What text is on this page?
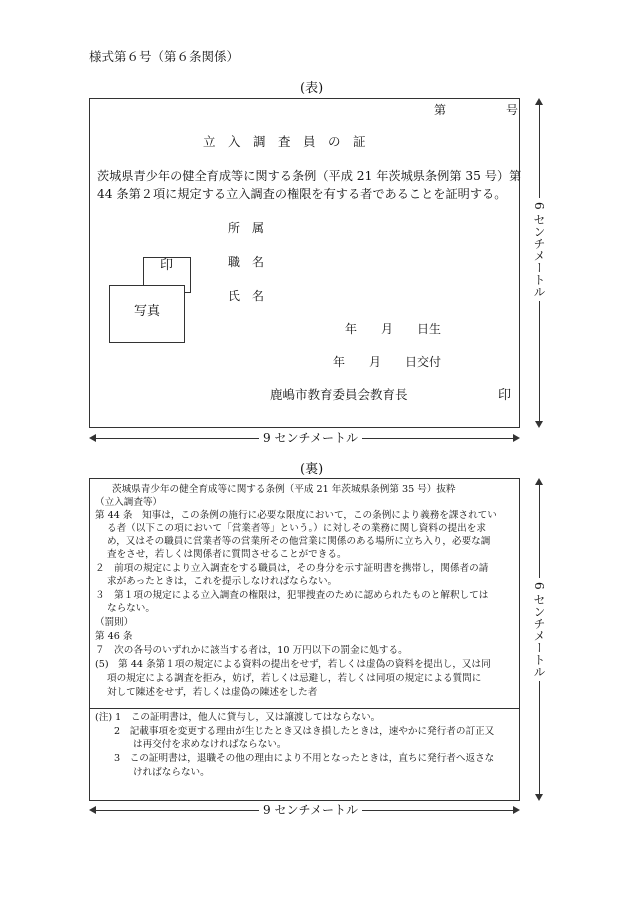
様式第６号（第６条関係）
(表)
第　　　　　号
立　入　調　査　員　の　証
茨城県青少年の健全育成等に関する条例（平成 21 年茨城県条例第 35 号）第
44 条第２項に規定する立入調査の権限を有する者であることを証明する。
所　属
職　名
氏　名
印
写真
年　　月　　日生
年　　月　　日交付
鹿嶋市教育委員会教育長	印
9 センチメートル
6 センチメートル
(裏)
茨城県青少年の健全育成等に関する条例（平成 21 年茨城県条例第 35 号）抜粋
（立入調査等）
第 44 条　知事は，この条例の施行に必要な限度において，この条例により義務を課されてい
る者（以下この項において「営業者等」という。）に対しその業務に関し資料の提出を求
め，又はその職員に営業者等の営業所その他営業に関係のある場所に立ち入り，必要な調
査をさせ，若しくは関係者に質問させることができる。
２　前項の規定により立入調査をする職員は，その身分を示す証明書を携帯し，関係者の請
求があったときは，これを提示しなければならない。
３　第１項の規定による立入調査の権限は，犯罪捜査のために認められたものと解釈しては
ならない。
（罰則）
第 46 条
７　次の各号のいずれかに該当する者は，10 万円以下の罰金に処する。
(5)　第 44 条第１項の規定による資料の提出をせず，若しくは虚偽の資料を提出し，又は同
項の規定による調査を拒み，妨げ，若しくは忌避し，若しくは同項の規定による質問に
対して陳述をせず，若しくは虚偽の陳述をした者
(注) 1　この証明書は，他人に貸与し，又は譲渡してはならない。
2　記載事項を変更する理由が生じたとき又はき損したときは，速やかに発行者の訂正又
は再交付を求めなければならない。
3　この証明書は，退職その他の理由により不用となったときは，直ちに発行者へ返さな
ければならない。
9 センチメートル
6 センチメートル
